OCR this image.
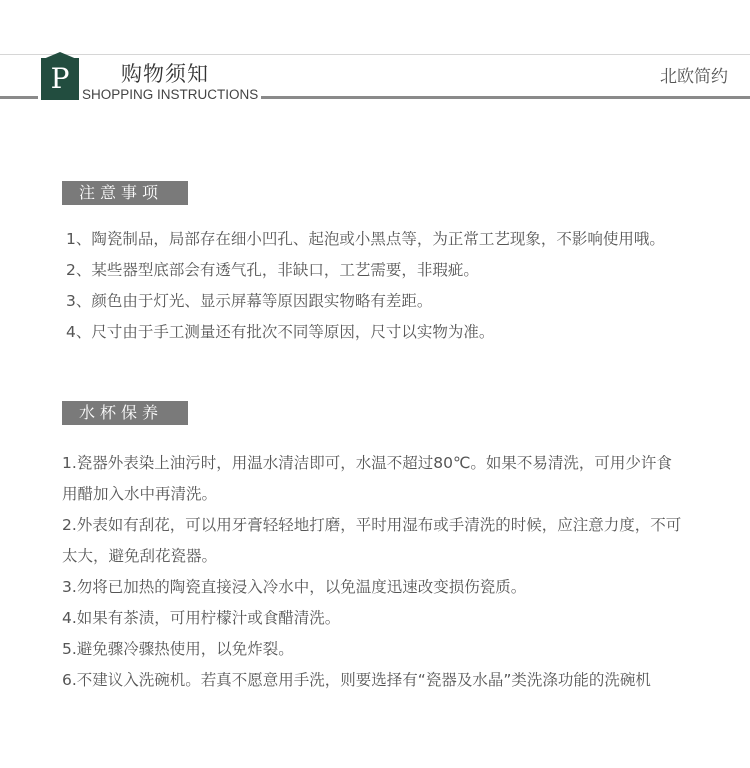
P	购物须知
SHOPPING INSTRUCTIONS
北欧简约
注意事项

1、陶瓷制品，局部存在细小凹孔、起泡或小黑点等，为正常工艺现象，不影响使用哦。

2、某些器型底部会有透气孔，非缺口，工艺需要，非瑕疵。

3、颜色由于灯光、显示屏幕等原因跟实物略有差距。

4、尺寸由于手工测量还有批次不同等原因，尺寸以实物为准。

水杯保养

1.瓷器外表染上油污时，用温水清洁即可，水温不超过80℃。如果不易清洗，可用少许食用醋加入水中再清洗。

2.外表如有刮花，可以用牙膏轻轻地打磨，平时用湿布或手清洗的时候，应注意力度，不可太大，避免刮花瓷器。

3.勿将已加热的陶瓷直接浸入冷水中，以免温度迅速改变损伤瓷质。

4.如果有茶渍，可用柠檬汁或食醋清洗。

5.避免骤冷骤热使用，以免炸裂。

6.不建议入洗碗机。若真不愿意用手洗，则要选择有“瓷器及水晶”类洗涤功能的洗碗机
